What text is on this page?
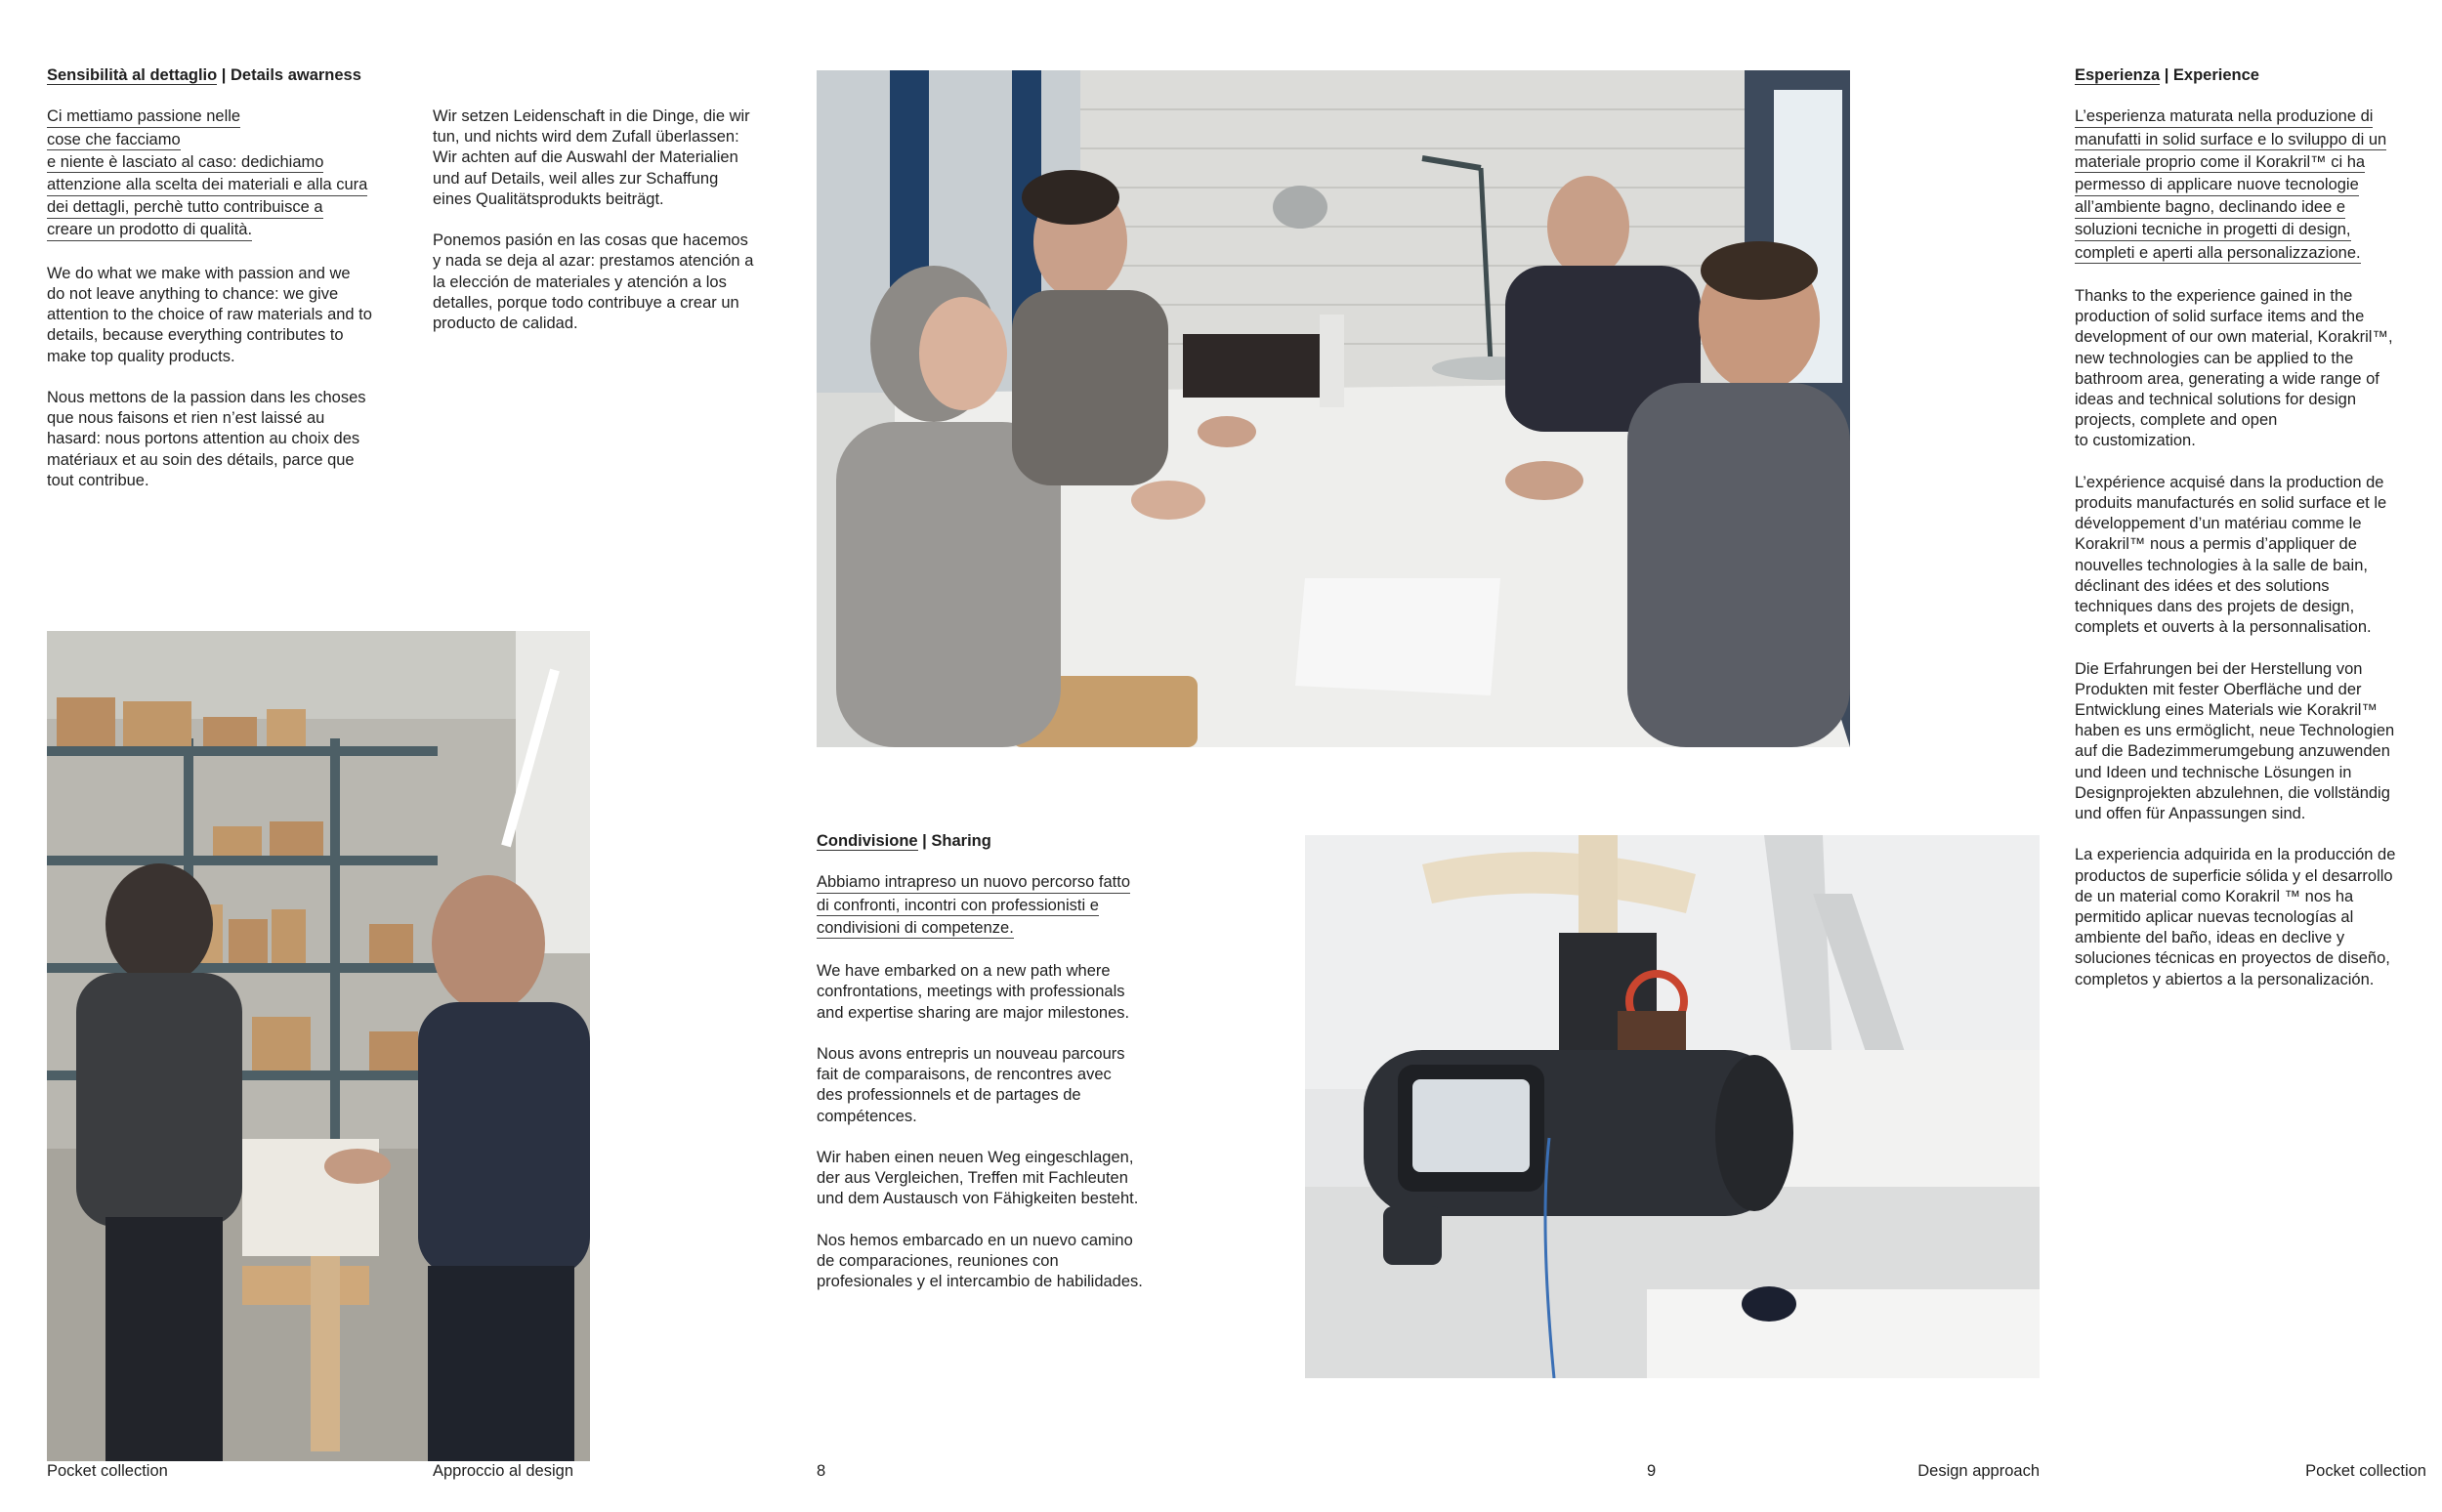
Sensibilità al dettaglio | Details awarness

Ci mettiamo passione nelle
cose che facciamo
e niente è lasciato al caso: dedichiamo
attenzione alla scelta dei materiali e alla cura
dei dettagli, perchè tutto contribuisce a
creare un prodotto di qualità.

We do what we make with passion and we
do not leave anything to chance: we give
attention to the choice of raw materials and to
details, because everything contributes to
make top quality products.

Nous mettons de la passion dans les choses
que nous faisons et rien n’est laissé au
hasard: nous portons attention au choix des
matériaux et au soin des détails, parce que
tout contribue.

Wir setzen Leidenschaft in die Dinge, die wir
tun, und nichts wird dem Zufall überlassen:
Wir achten auf die Auswahl der Materialien
und auf Details, weil alles zur Schaffung
eines Qualitätsprodukts beiträgt.

Ponemos pasión en las cosas que hacemos
y nada se deja al azar: prestamos atención a
la elección de materiales y atención a los
detalles, porque todo contribuye a crear un
producto de calidad.

Condivisione | Sharing

Abbiamo intrapreso un nuovo percorso fatto
di confronti, incontri con professionisti e
condivisioni di competenze.

We have embarked on a new path where
confrontations, meetings with professionals
and expertise sharing are major milestones.

Nous avons entrepris un nouveau parcours
fait de comparaisons, de rencontres avec
des professionnels et de partages de
compétences.

Wir haben einen neuen Weg eingeschlagen,
der aus Vergleichen, Treffen mit Fachleuten
und dem Austausch von Fähigkeiten besteht.

Nos hemos embarcado en un nuevo camino
de comparaciones, reuniones con
profesionales y el intercambio de habilidades.

Esperienza | Experience

L’esperienza maturata nella produzione di
manufatti in solid surface e lo sviluppo di un
materiale proprio come il Korakril™ ci ha
permesso di applicare nuove tecnologie
all’ambiente bagno, declinando idee e
soluzioni tecniche in progetti di design,
completi e aperti alla personalizzazione.

Thanks to the experience gained in the
production of solid surface items and the
development of our own material, Korakril™,
new technologies can be applied to the
bathroom area, generating a wide range of
ideas and technical solutions for design
projects, complete and open
to customization.

L’expérience acquisé dans la production de
produits manufacturés en solid surface et le
développement d’un matériau comme le
Korakril™ nous a permis d’appliquer de
nouvelles technologies à la salle de bain,
déclinant des idées et des solutions
techniques dans des projets de design,
complets et ouverts à la personnalisation.

Die Erfahrungen bei der Herstellung von
Produkten mit fester Oberfläche und der
Entwicklung eines Materials wie Korakril™
haben es uns ermöglicht, neue Technologien
auf die Badezimmerumgebung anzuwenden
und Ideen und technische Lösungen in
Designprojekten abzulehnen, die vollständig
und offen für Anpassungen sind.

La experiencia adquirida en la producción de
productos de superficie sólida y el desarrollo
de un material como Korakril ™ nos ha
permitido aplicar nuevas tecnologías al
ambiente del baño, ideas en declive y
soluciones técnicas en proyectos de diseño,
completos y abiertos a la personalización.

Pocket collection	Approccio al design	8	9	Design approach	Pocket collection
